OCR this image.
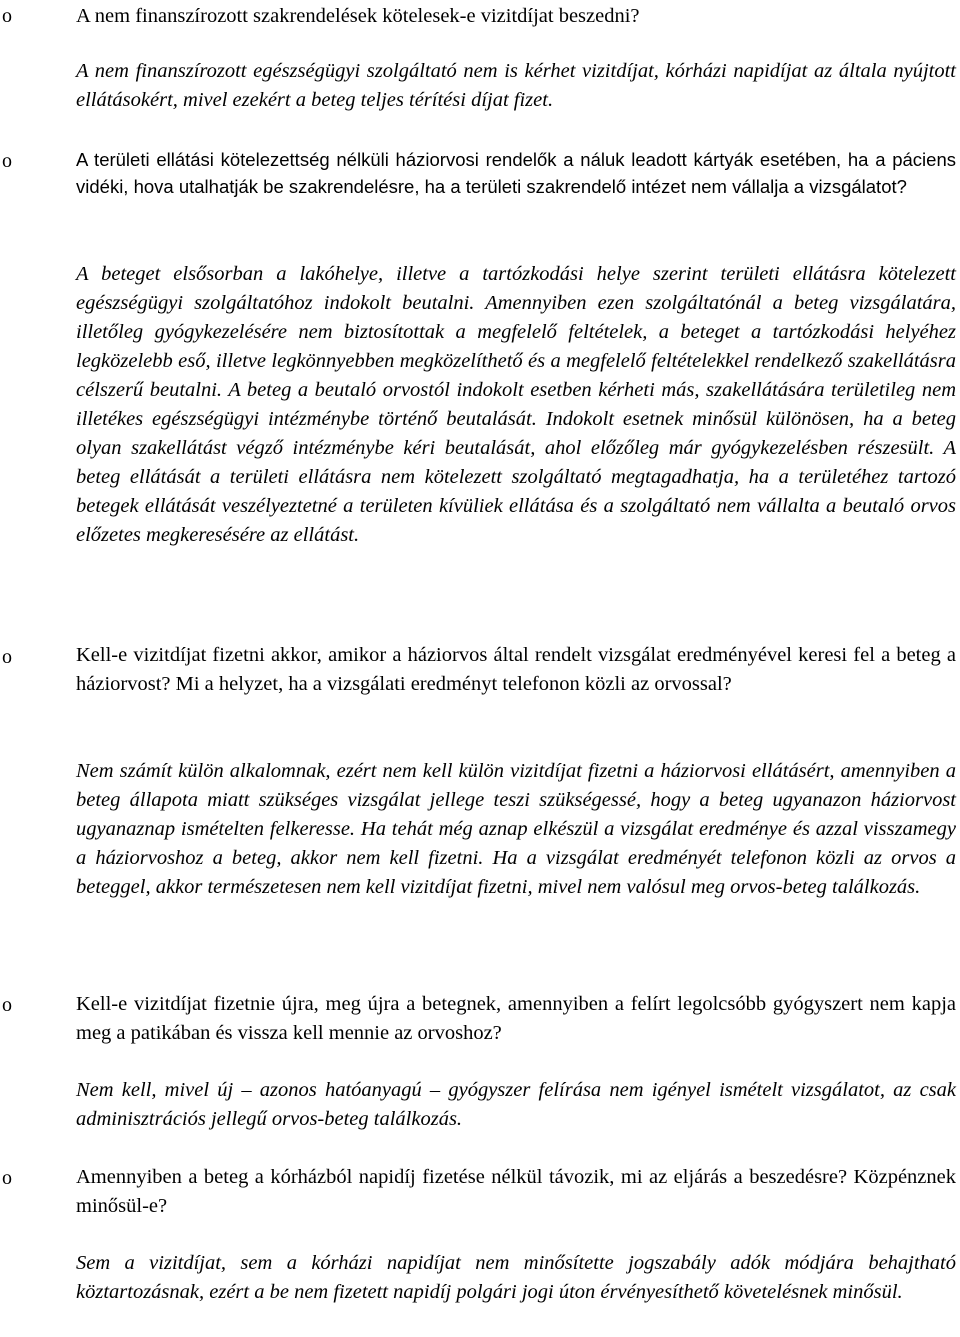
o	A nem finanszírozott szakrendelések kötelesek-e vizitdíjat beszedni?
A nem finanszírozott egészségügyi szolgáltató nem is kérhet vizitdíjat, kórházi napidíjat az általa nyújtott ellátásokért, mivel ezekért a beteg teljes térítési díjat fizet.
o	A területi ellátási kötelezettség nélküli háziorvosi rendelők a náluk leadott kártyák esetében, ha a páciens vidéki, hova utalhatják be szakrendelésre, ha a területi szakrendelő intézet nem vállalja a vizsgálatot?
A beteget elsősorban a lakóhelye, illetve a tartózkodási helye szerint területi ellátásra kötelezett egészségügyi szolgáltatóhoz indokolt beutalni. Amennyiben ezen szolgáltatónál a beteg vizsgálatára, illetőleg gyógykezelésére nem biztosítottak a megfelelő feltételek, a beteget a tartózkodási helyéhez legközelebb eső, illetve legkönnyebben megközelíthető és a megfelelő feltételekkel rendelkező szakellátásra célszerű beutalni. A beteg a beutaló orvostól indokolt esetben kérheti más, szakellátására területileg nem illetékes egészségügyi intézménybe történő beutalását. Indokolt esetnek minősül különösen, ha a beteg olyan szakellátást végző intézménybe kéri beutalását, ahol előzőleg már gyógykezelésben részesült. A beteg ellátását a területi ellátásra nem kötelezett szolgáltató megtagadhatja, ha a területéhez tartozó betegek ellátását veszélyeztetné a területen kívüliek ellátása és a szolgáltató nem vállalta a beutaló orvos előzetes megkeresésére az ellátást.
o	Kell-e vizitdíjat fizetni akkor, amikor a háziorvos által rendelt vizsgálat eredményével keresi fel a beteg a háziorvost? Mi a helyzet, ha a vizsgálati eredményt telefonon közli az orvossal?
Nem számít külön alkalomnak, ezért nem kell külön vizitdíjat fizetni a háziorvosi ellátásért, amennyiben a beteg állapota miatt szükséges vizsgálat jellege teszi szükségessé, hogy a beteg ugyanazon háziorvost ugyanaznap ismételten felkeresse. Ha tehát még aznap elkészül a vizsgálat eredménye és azzal visszamegy a háziorvoshoz a beteg, akkor nem kell fizetni. Ha a vizsgálat eredményét telefonon közli az orvos a beteggel, akkor természetesen nem kell vizitdíjat fizetni, mivel nem valósul meg orvos-beteg találkozás.
o	Kell-e vizitdíjat fizetnie újra, meg újra a betegnek, amennyiben a felírt legolcsóbb gyógyszert nem kapja meg a patikában és vissza kell mennie az orvoshoz?
Nem kell, mivel új – azonos hatóanyagú – gyógyszer felírása nem igényel ismételt vizsgálatot, az csak adminisztrációs jellegű orvos-beteg találkozás.
o	Amennyiben a beteg a kórházból napidíj fizetése nélkül távozik, mi az eljárás a beszedésre? Közpénznek minősül-e?
Sem a vizitdíjat, sem a kórházi napidíjat nem minősítette jogszabály adók módjára behajtható köztartozásnak, ezért a be nem fizetett napidíj polgári jogi úton érvényesíthető követelésnek minősül.
